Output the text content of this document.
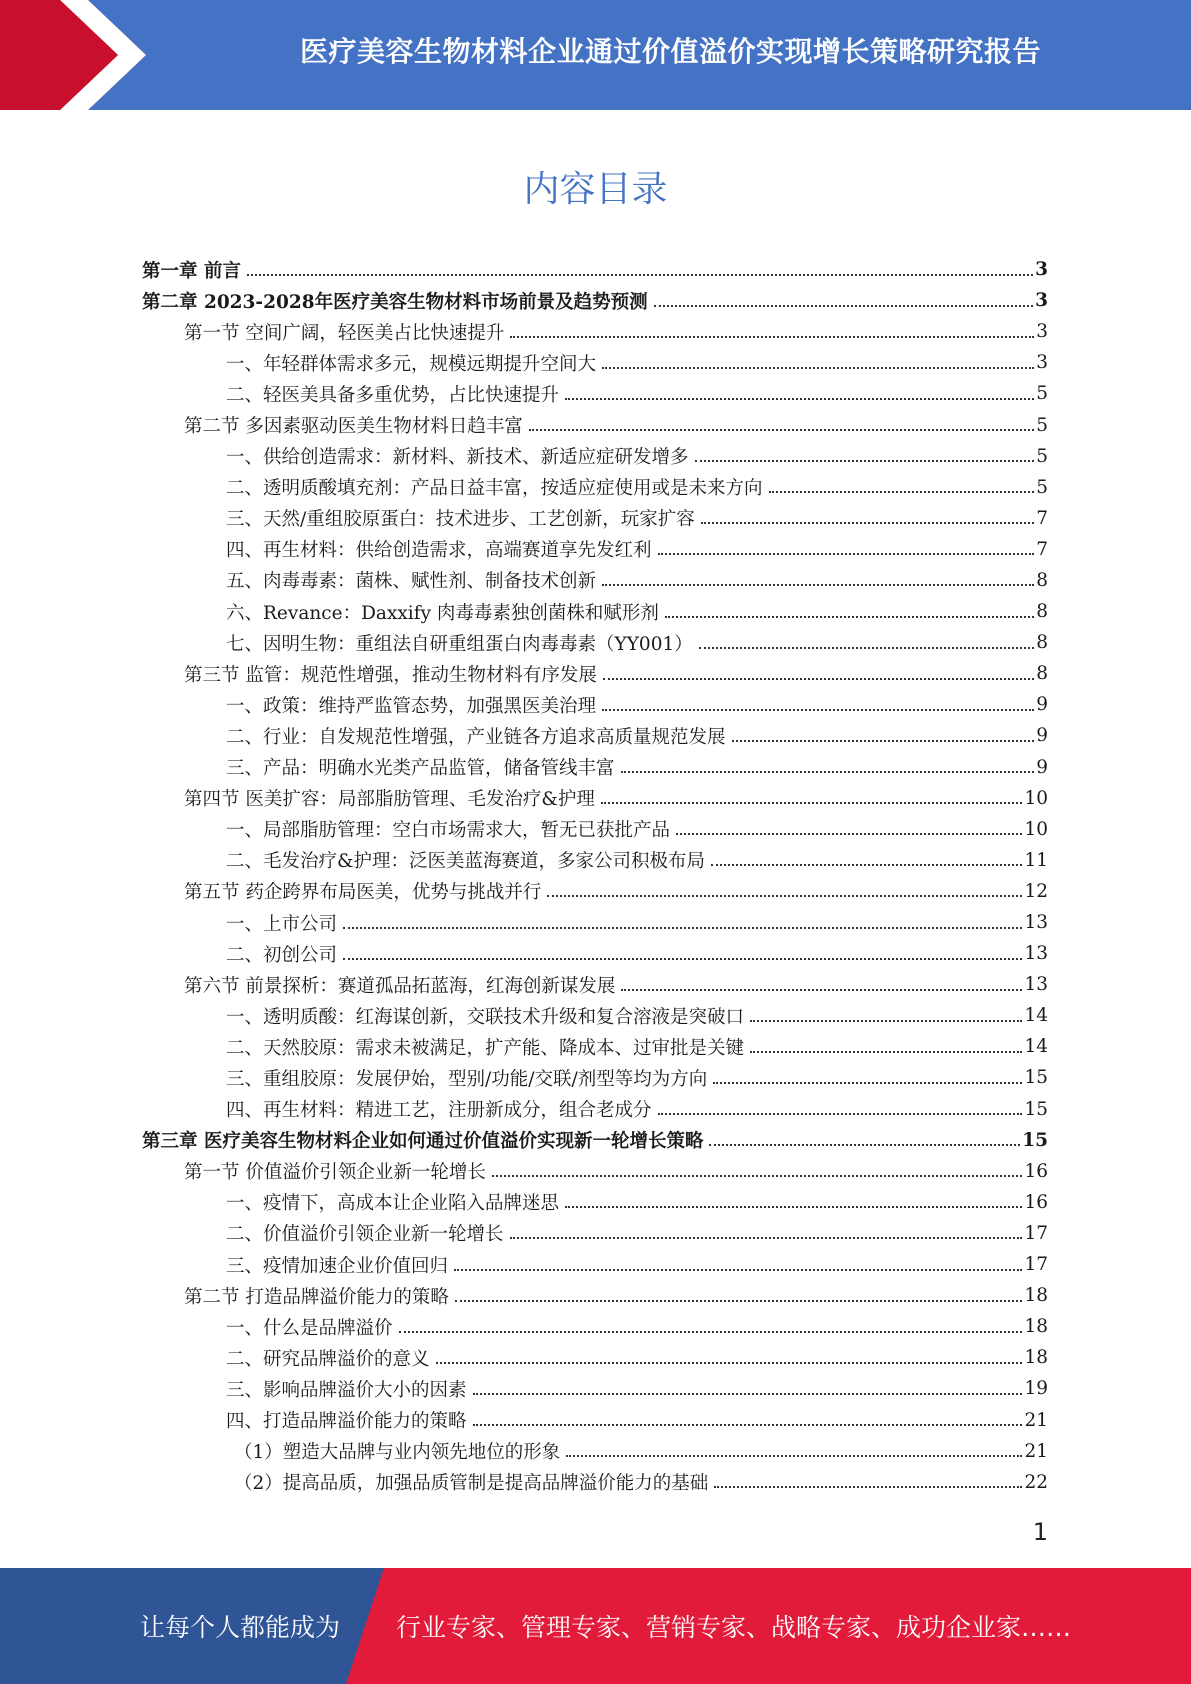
医疗美容生物材料企业通过价值溢价实现增长策略研究报告
内容目录
第一章 前言	3
第二章 2023-2028年医疗美容生物材料市场前景及趋势预测	3
第一节 空间广阔，轻医美占比快速提升	3
一、年轻群体需求多元，规模远期提升空间大	3
二、轻医美具备多重优势，占比快速提升	5
第二节 多因素驱动医美生物材料日趋丰富	5
一、供给创造需求：新材料、新技术、新适应症研发增多	5
二、透明质酸填充剂：产品日益丰富，按适应症使用或是未来方向	5
三、天然/重组胶原蛋白：技术进步、工艺创新，玩家扩容	7
四、再生材料：供给创造需求，高端赛道享先发红利	7
五、肉毒毒素：菌株、赋性剂、制备技术创新	8
六、Revance：Daxxify 肉毒毒素独创菌株和赋形剂	8
七、因明生物：重组法自研重组蛋白肉毒毒素（YY001）	8
第三节 监管：规范性增强，推动生物材料有序发展	8
一、政策：维持严监管态势，加强黑医美治理	9
二、行业：自发规范性增强，产业链各方追求高质量规范发展	9
三、产品：明确水光类产品监管，储备管线丰富	9
第四节 医美扩容：局部脂肪管理、毛发治疗&护理	10
一、局部脂肪管理：空白市场需求大，暂无已获批产品	10
二、毛发治疗&护理：泛医美蓝海赛道，多家公司积极布局	11
第五节 药企跨界布局医美，优势与挑战并行	12
一、上市公司	13
二、初创公司	13
第六节 前景探析：赛道孤品拓蓝海，红海创新谋发展	13
一、透明质酸：红海谋创新，交联技术升级和复合溶液是突破口	14
二、天然胶原：需求未被满足，扩产能、降成本、过审批是关键	14
三、重组胶原：发展伊始，型别/功能/交联/剂型等均为方向	15
四、再生材料：精进工艺，注册新成分，组合老成分	15
第三章 医疗美容生物材料企业如何通过价值溢价实现新一轮增长策略	15
第一节 价值溢价引领企业新一轮增长	16
一、疫情下，高成本让企业陷入品牌迷思	16
二、价值溢价引领企业新一轮增长	17
三、疫情加速企业价值回归	17
第二节 打造品牌溢价能力的策略	18
一、什么是品牌溢价	18
二、研究品牌溢价的意义	18
三、影响品牌溢价大小的因素	19
四、打造品牌溢价能力的策略	21
（1）塑造大品牌与业内领先地位的形象	21
（2）提高品质，加强品质管制是提高品牌溢价能力的基础	22
1
让每个人都能成为 行业专家、管理专家、营销专家、战略专家、成功企业家……
